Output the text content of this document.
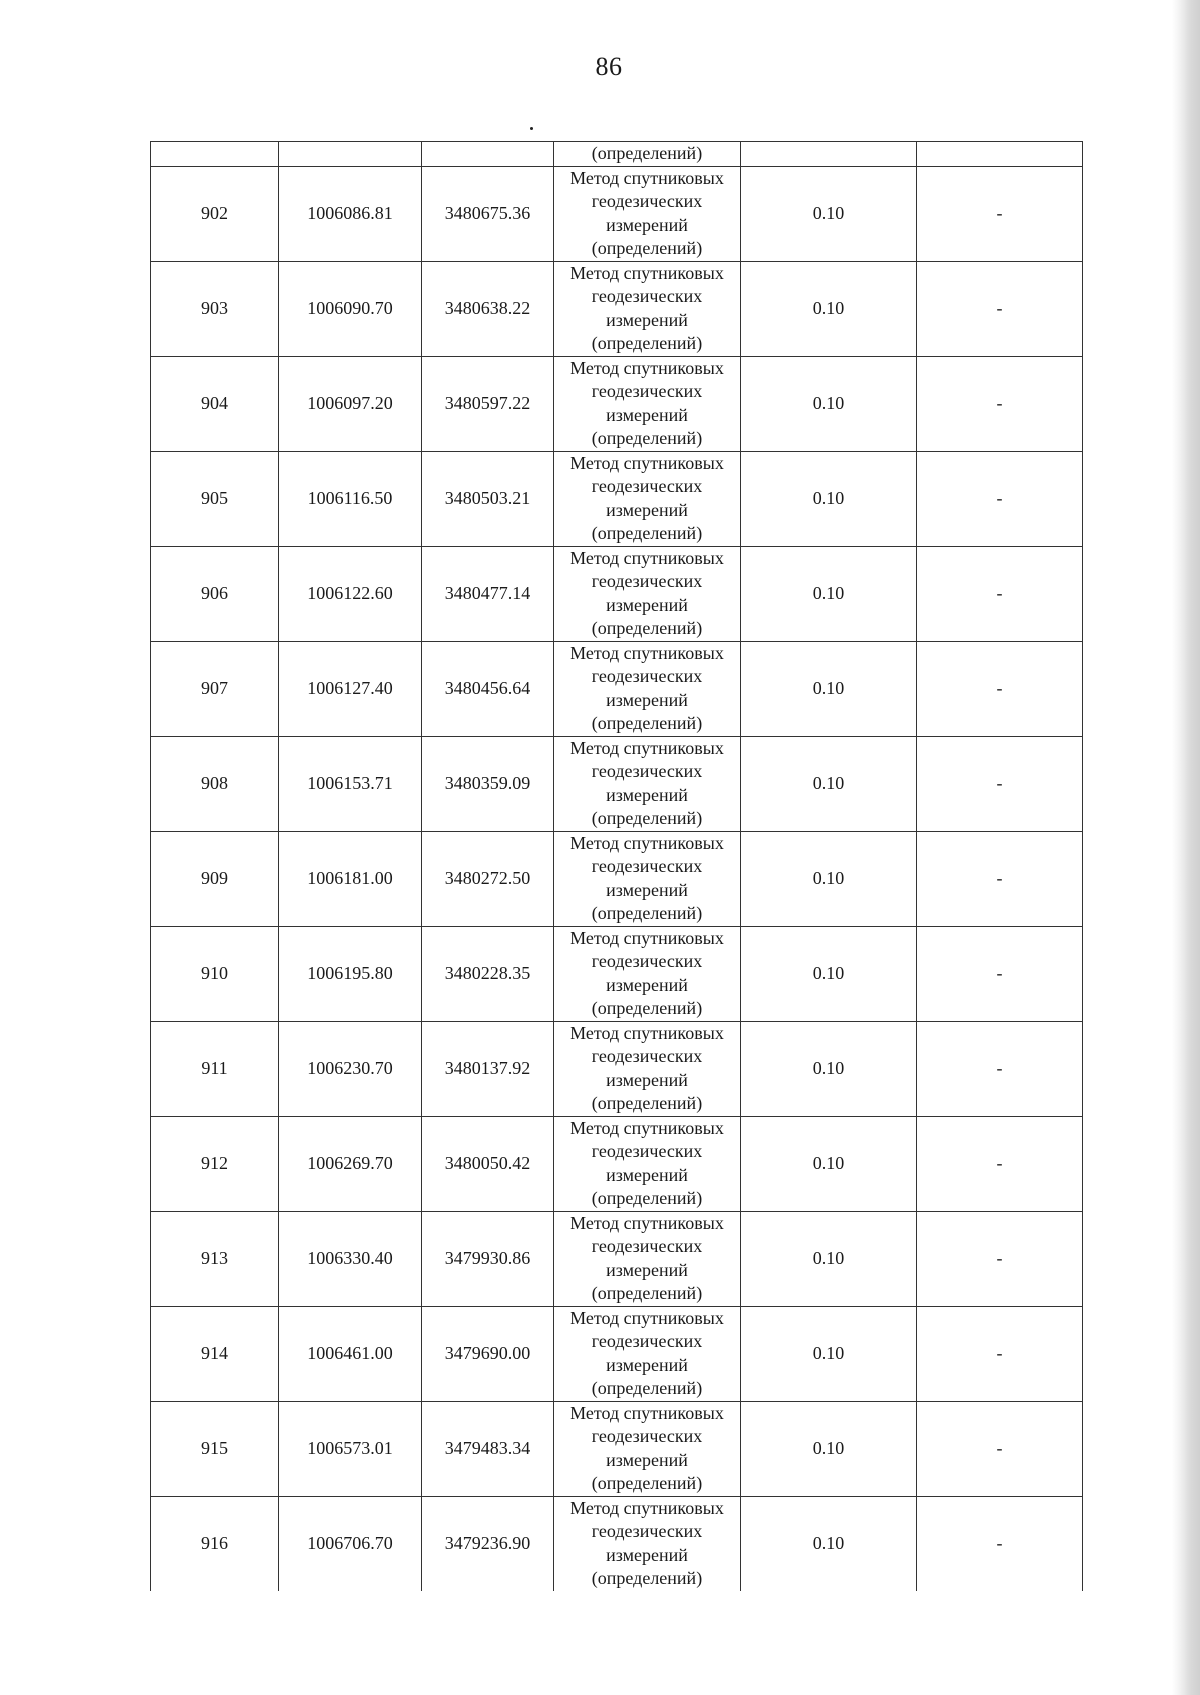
86
			(определений)		
902	1006086.81	3480675.36	Метод спутниковых
геодезических
измерений
(определений)	0.10	-
903	1006090.70	3480638.22	Метод спутниковых
геодезических
измерений
(определений)	0.10	-
904	1006097.20	3480597.22	Метод спутниковых
геодезических
измерений
(определений)	0.10	-
905	1006116.50	3480503.21	Метод спутниковых
геодезических
измерений
(определений)	0.10	-
906	1006122.60	3480477.14	Метод спутниковых
геодезических
измерений
(определений)	0.10	-
907	1006127.40	3480456.64	Метод спутниковых
геодезических
измерений
(определений)	0.10	-
908	1006153.71	3480359.09	Метод спутниковых
геодезических
измерений
(определений)	0.10	-
909	1006181.00	3480272.50	Метод спутниковых
геодезических
измерений
(определений)	0.10	-
910	1006195.80	3480228.35	Метод спутниковых
геодезических
измерений
(определений)	0.10	-
911	1006230.70	3480137.92	Метод спутниковых
геодезических
измерений
(определений)	0.10	-
912	1006269.70	3480050.42	Метод спутниковых
геодезических
измерений
(определений)	0.10	-
913	1006330.40	3479930.86	Метод спутниковых
геодезических
измерений
(определений)	0.10	-
914	1006461.00	3479690.00	Метод спутниковых
геодезических
измерений
(определений)	0.10	-
915	1006573.01	3479483.34	Метод спутниковых
геодезических
измерений
(определений)	0.10	-
916	1006706.70	3479236.90	Метод спутниковых
геодезических
измерений
(определений)	0.10	-
